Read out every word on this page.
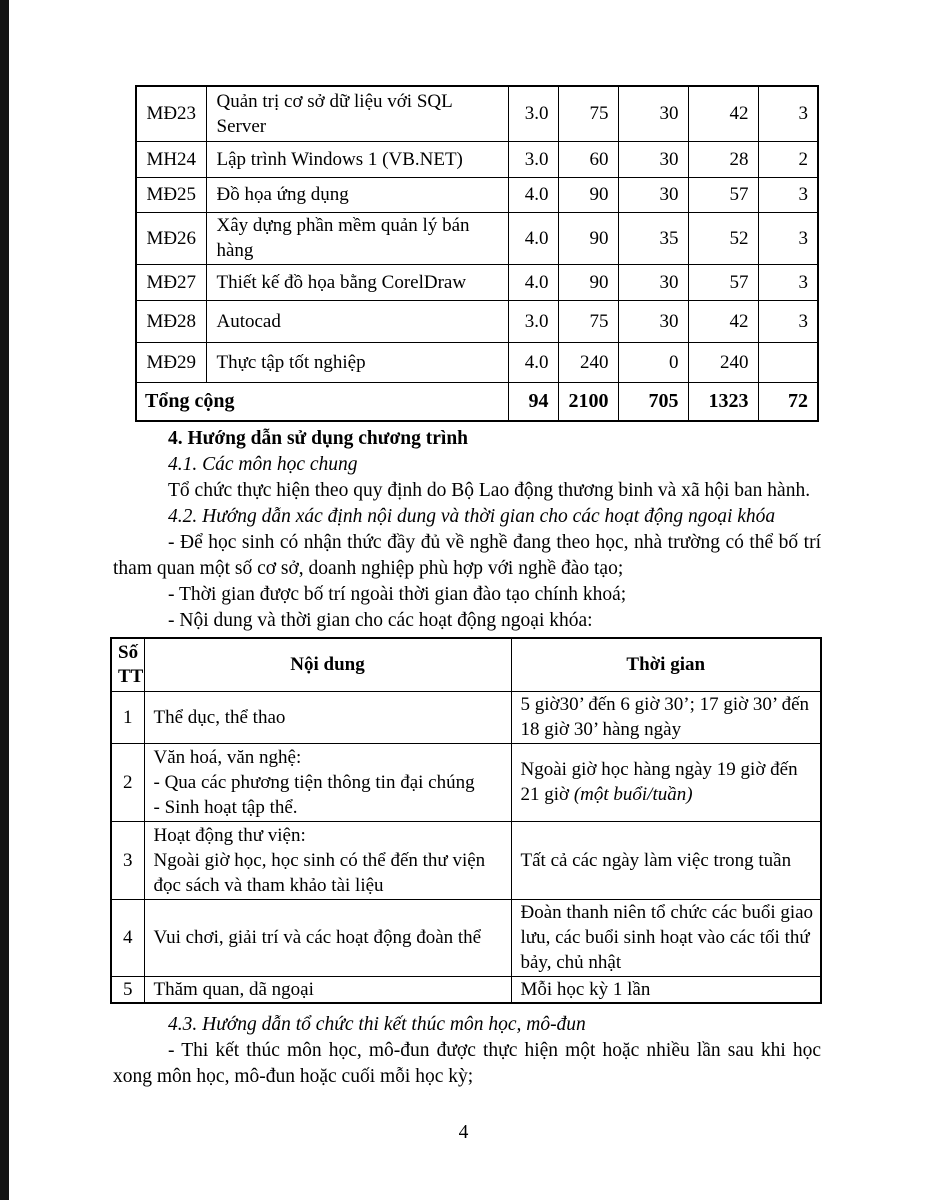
MĐ23	Quản trị cơ sở dữ liệu với SQL Server	3.0	75	30	42	3
MH24	Lập trình Windows 1 (VB.NET)	3.0	60	30	28	2
MĐ25	Đồ họa ứng dụng	4.0	90	30	57	3
MĐ26	Xây dựng phần mềm quản lý bán hàng	4.0	90	35	52	3
MĐ27	Thiết kế đồ họa bằng CorelDraw	4.0	90	30	57	3
MĐ28	Autocad	3.0	75	30	42	3
MĐ29	Thực tập tốt nghiệp	4.0	240	0	240	
Tổng cộng		94	2100	705	1323	72

4. Hướng dẫn sử dụng chương trình

4.1. Các môn học chung

Tổ chức thực hiện theo quy định do Bộ Lao động thương binh và xã hội ban hành.

4.2. Hướng dẫn xác định nội dung và thời gian cho các hoạt động ngoại khóa

- Để học sinh có nhận thức đầy đủ về nghề đang theo học, nhà trường có thể bố trí tham quan một số cơ sở, doanh nghiệp phù hợp với nghề đào tạo;

- Thời gian được bố trí ngoài thời gian đào tạo chính khoá;

- Nội dung và thời gian cho các hoạt động ngoại khóa:

Số
TT	Nội dung	Thời gian
1	Thể dục, thể thao	5 giờ30’ đến 6 giờ 30’; 17 giờ 30’ đến 18 giờ 30’ hàng ngày
2	Văn hoá, văn nghệ:
- Qua các phương tiện thông tin đại chúng
- Sinh hoạt tập thể.	Ngoài giờ học hàng ngày 19 giờ đến 21 giờ (một buổi/tuần)
3	Hoạt động thư viện:
Ngoài giờ học, học sinh có thể đến thư viện đọc sách và tham khảo tài liệu	Tất cả các ngày làm việc trong tuần
4	Vui chơi, giải trí và các hoạt động đoàn thể	Đoàn thanh niên tổ chức các buổi giao lưu, các buổi sinh hoạt vào các tối thứ bảy, chủ nhật
5	Thăm quan, dã ngoại	Mỗi học kỳ 1 lần

4.3. Hướng dẫn tổ chức thi kết thúc môn học, mô-đun

- Thi kết thúc môn học, mô-đun được thực hiện một hoặc nhiều lần sau khi học xong môn học, mô-đun hoặc cuối mỗi học kỳ;

4
